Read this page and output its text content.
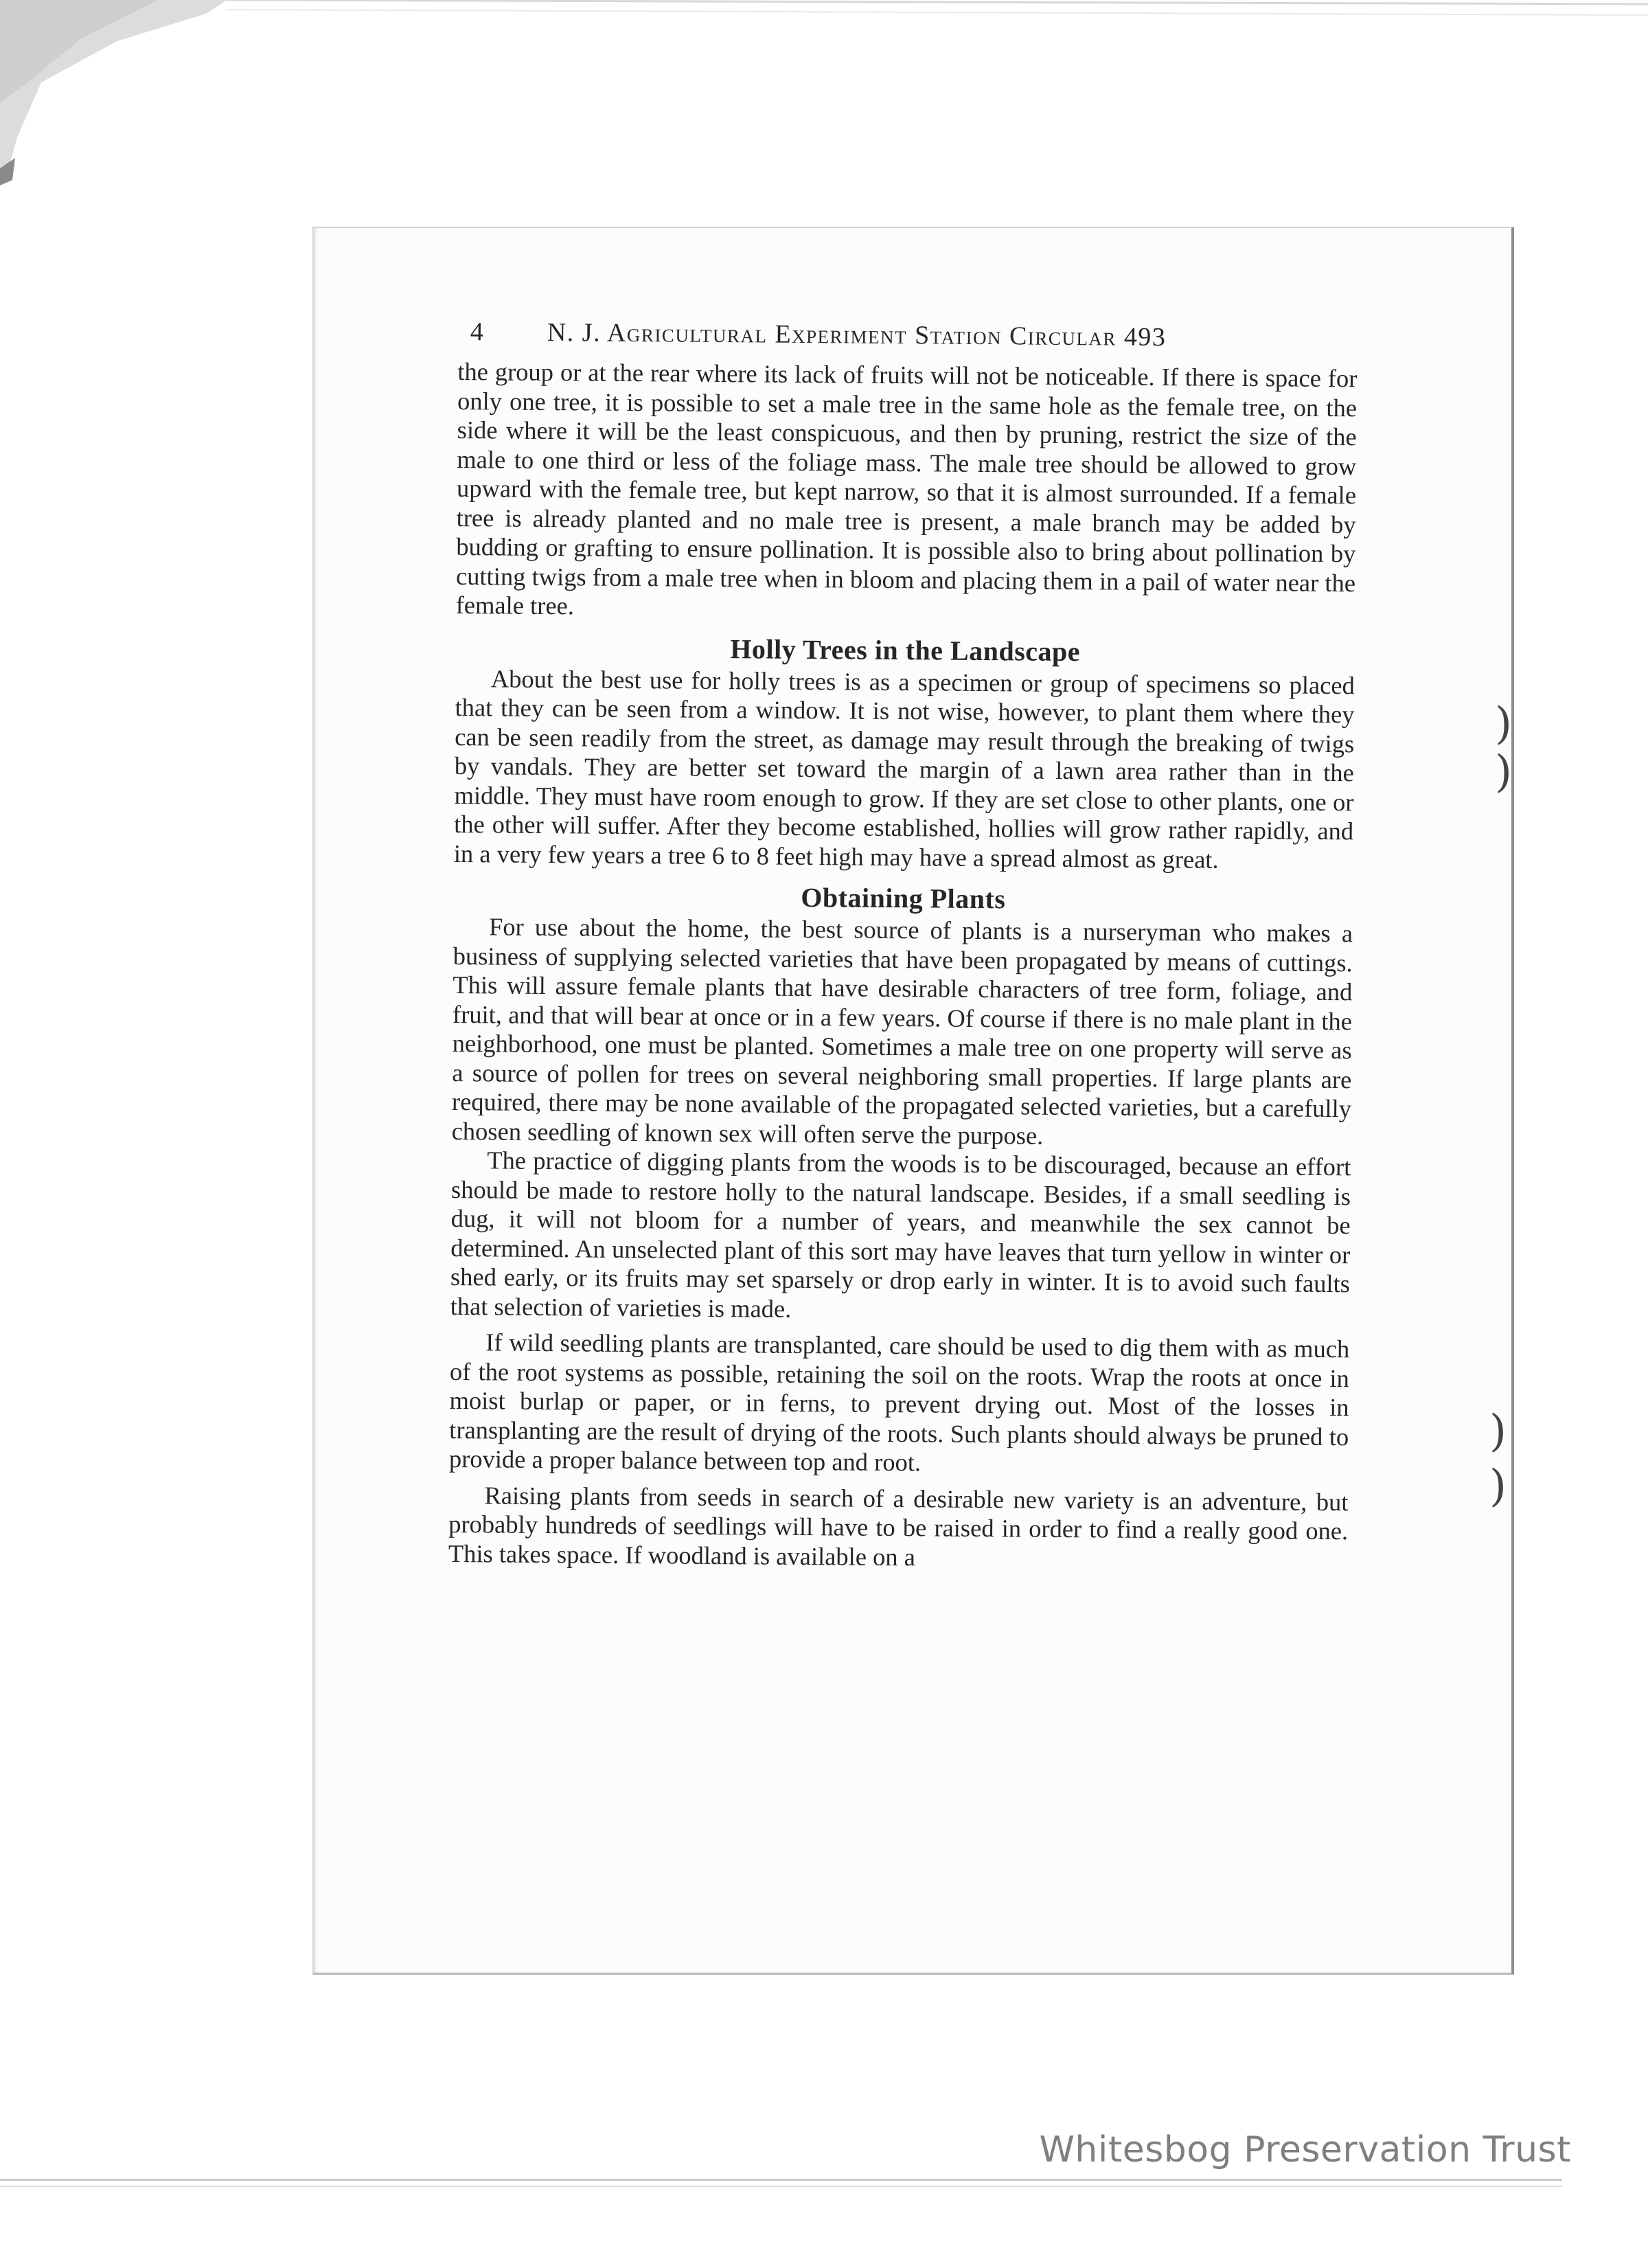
4 N. J. Agricultural Experiment Station Circular 493

the group or at the rear where its lack of fruits will not be noticeable. If there is space for only one tree, it is possible to set a male tree in the same hole as the female tree, on the side where it will be the least conspicuous, and then by pruning, restrict the size of the male to one third or less of the foliage mass. The male tree should be allowed to grow upward with the female tree, but kept narrow, so that it is almost surrounded. If a female tree is already planted and no male tree is present, a male branch may be added by budding or grafting to ensure pollination. It is possible also to bring about pollination by cutting twigs from a male tree when in bloom and placing them in a pail of water near the female tree.

Holly Trees in the Landscape

About the best use for holly trees is as a specimen or group of specimens so placed that they can be seen from a window. It is not wise, however, to plant them where they can be seen readily from the street, as damage may result through the breaking of twigs by vandals. They are better set toward the margin of a lawn area rather than in the middle. They must have room enough to grow. If they are set close to other plants, one or the other will suffer. After they become established, hollies will grow rather rapidly, and in a very few years a tree 6 to 8 feet high may have a spread almost as great.

Obtaining Plants

For use about the home, the best source of plants is a nurseryman who makes a business of supplying selected varieties that have been propagated by means of cuttings. This will assure female plants that have desirable characters of tree form, foliage, and fruit, and that will bear at once or in a few years. Of course if there is no male plant in the neighborhood, one must be planted. Sometimes a male tree on one property will serve as a source of pollen for trees on several neighboring small properties. If large plants are required, there may be none available of the propagated selected varieties, but a carefully chosen seedling of known sex will often serve the purpose.

The practice of digging plants from the woods is to be discouraged, because an effort should be made to restore holly to the natural landscape. Besides, if a small seedling is dug, it will not bloom for a number of years, and meanwhile the sex cannot be determined. An unselected plant of this sort may have leaves that turn yellow in winter or shed early, or its fruits may set sparsely or drop early in winter. It is to avoid such faults that selection of varieties is made.

If wild seedling plants are transplanted, care should be used to dig them with as much of the root systems as possible, retaining the soil on the roots. Wrap the roots at once in moist burlap or paper, or in ferns, to prevent drying out. Most of the losses in transplanting are the result of drying of the roots. Such plants should always be pruned to provide a proper balance between top and root.

Raising plants from seeds in search of a desirable new variety is an adventure, but probably hundreds of seedlings will have to be raised in order to find a really good one. This takes space. If woodland is available on a

)
)
)
)
Whitesbog Preservation Trust
